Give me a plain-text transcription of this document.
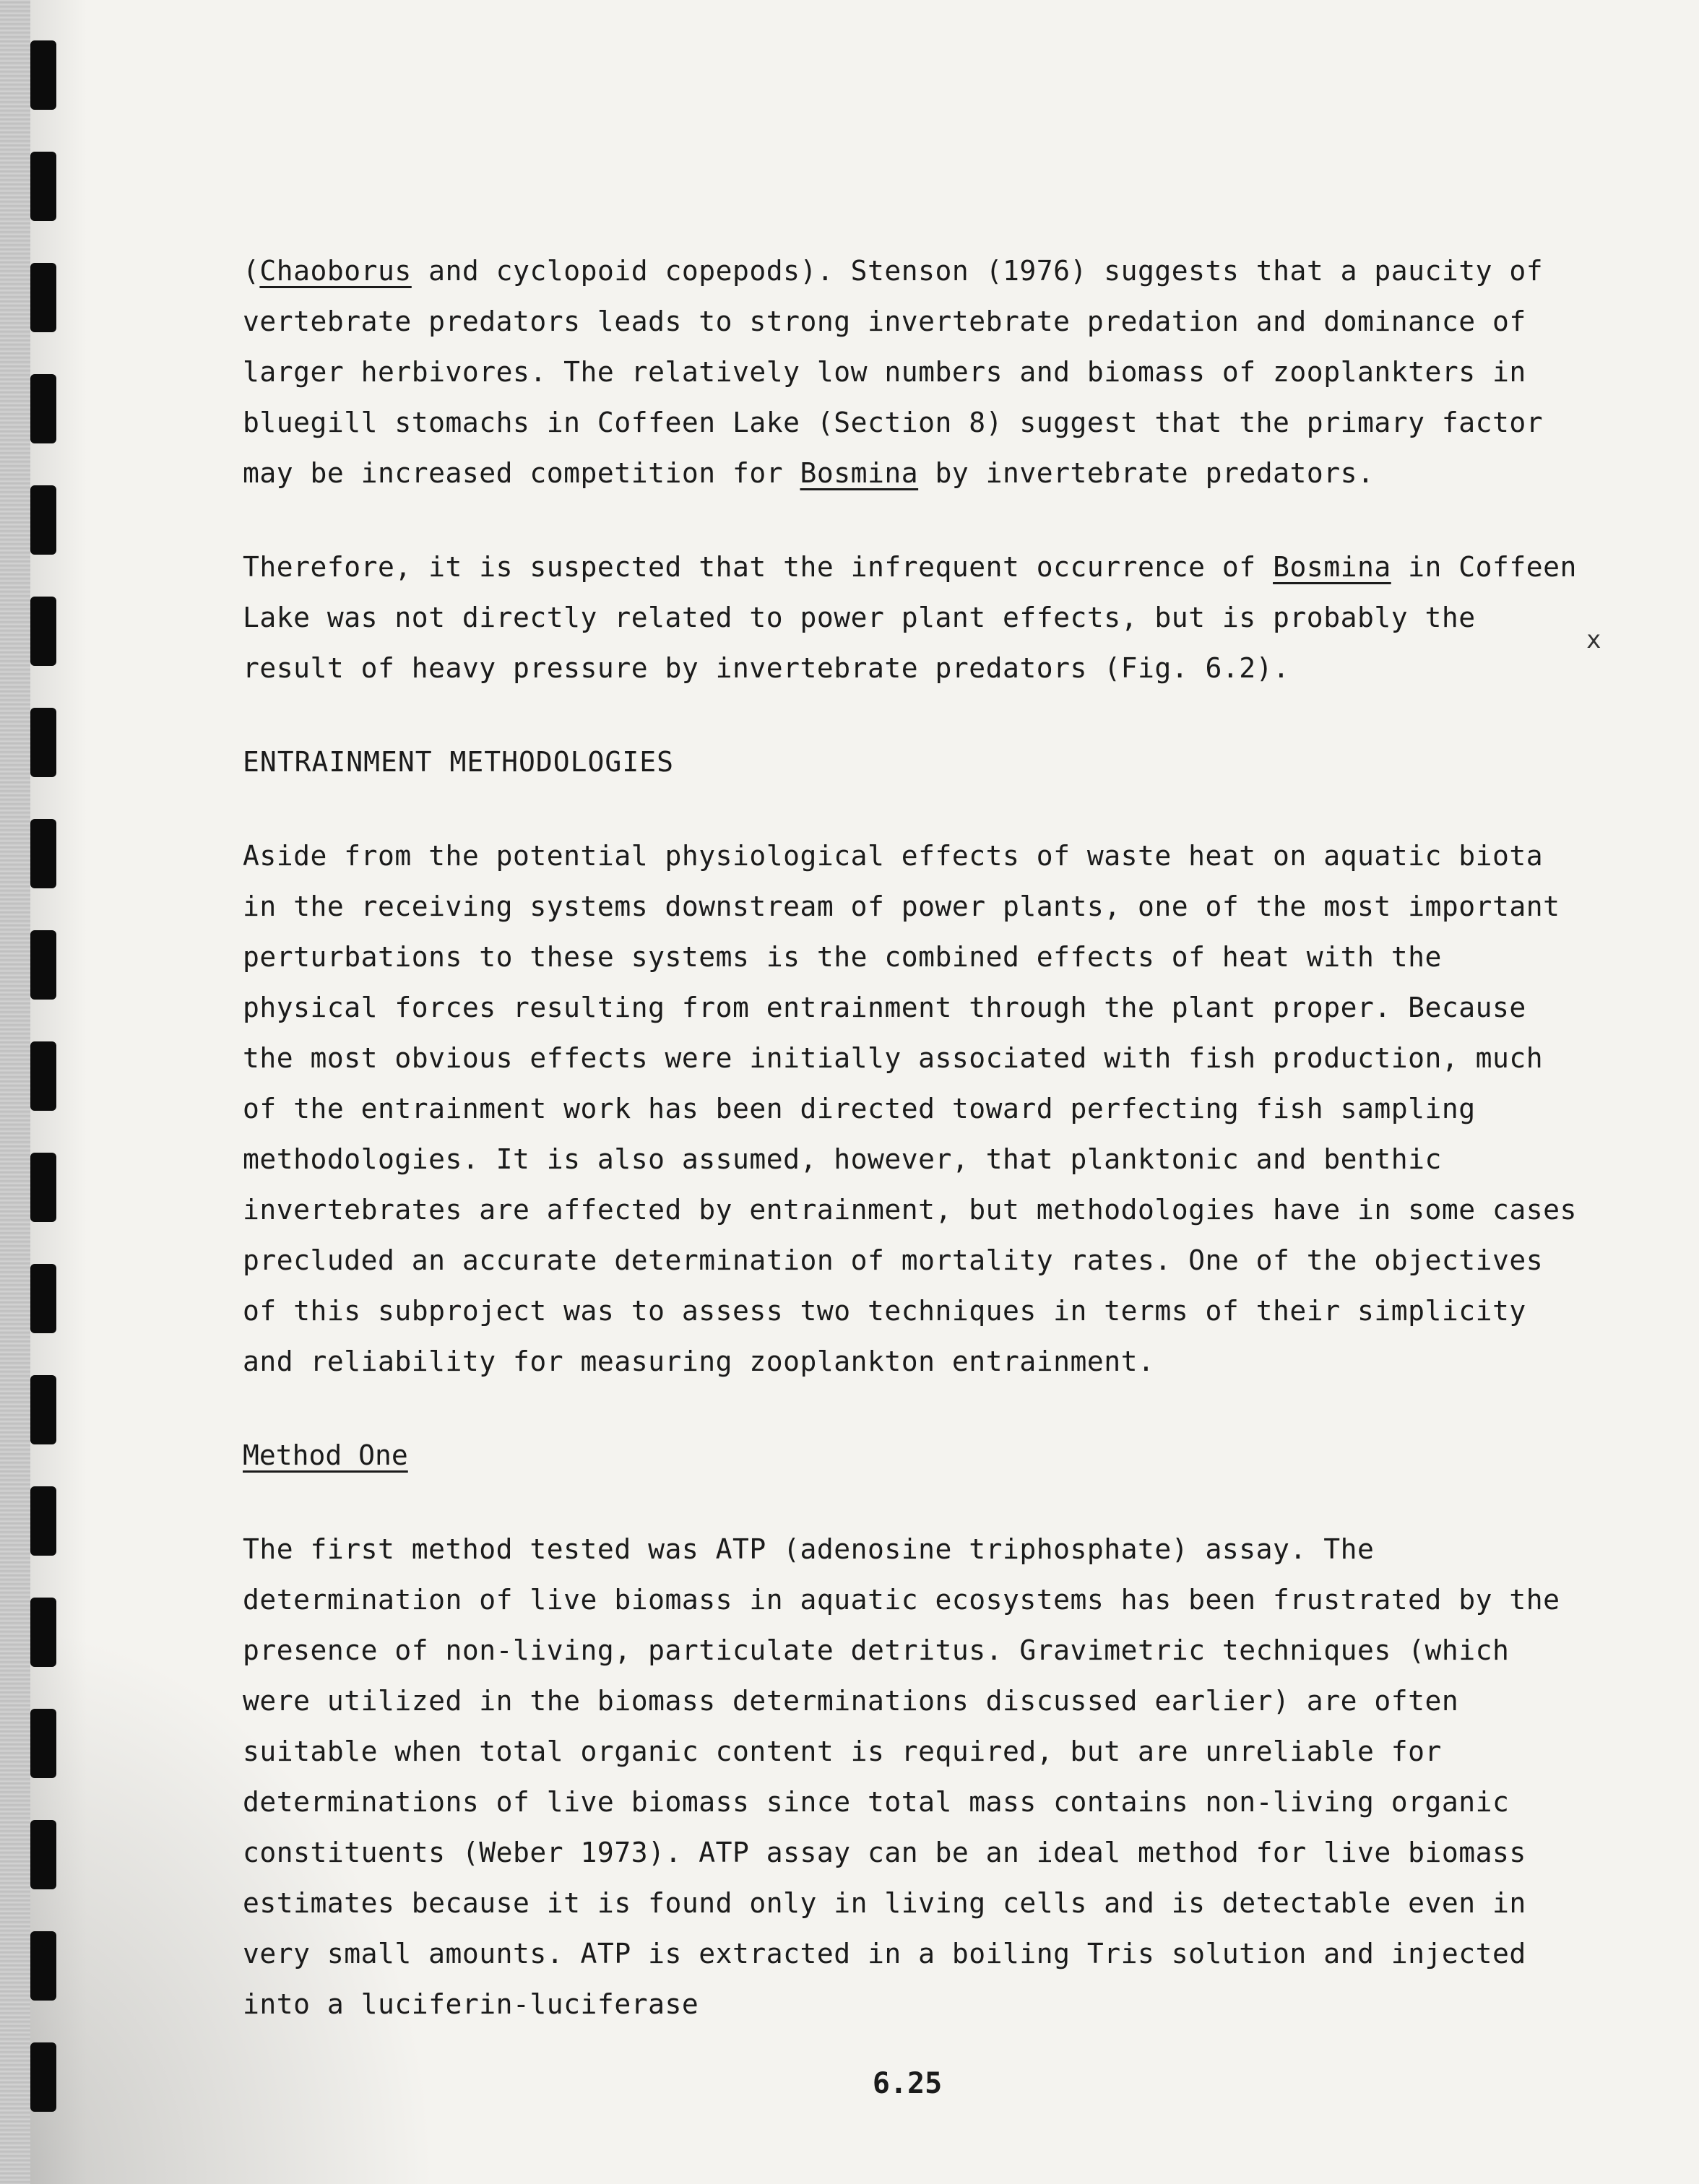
(Chaoborus and cyclopoid copepods). Stenson (1976) suggests that a paucity of vertebrate predators leads to strong invertebrate predation and dominance of larger herbivores. The relatively low numbers and biomass of zooplankters in bluegill stomachs in Coffeen Lake (Section 8) suggest that the primary factor may be increased competition for Bosmina by invertebrate predators.

Therefore, it is suspected that the infrequent occurrence of Bosmina in Coffeen Lake was not directly related to power plant effects, but is probably the result of heavy pressure by invertebrate predators (Fig. 6.2).

ENTRAINMENT METHODOLOGIES

Aside from the potential physiological effects of waste heat on aquatic biota in the receiving systems downstream of power plants, one of the most important perturbations to these systems is the combined effects of heat with the physical forces resulting from entrainment through the plant proper. Because the most obvious effects were initially associated with fish production, much of the entrainment work has been directed toward perfecting fish sampling methodologies. It is also assumed, however, that planktonic and benthic invertebrates are affected by entrainment, but methodologies have in some cases precluded an accurate determination of mortality rates. One of the objectives of this subproject was to assess two techniques in terms of their simplicity and reliability for measuring zooplankton entrainment.

Method One

The first method tested was ATP (adenosine triphosphate) assay. The determination of live biomass in aquatic ecosystems has been frustrated by the presence of non-living, particulate detritus. Gravimetric techniques (which were utilized in the biomass determinations discussed earlier) are often suitable when total organic content is required, but are unreliable for determinations of live biomass since total mass contains non-living organic constituents (Weber 1973). ATP assay can be an ideal method for live biomass estimates because it is found only in living cells and is detectable even in very small amounts. ATP is extracted in a boiling Tris solution and injected into a luciferin-luciferase

x
6.25
